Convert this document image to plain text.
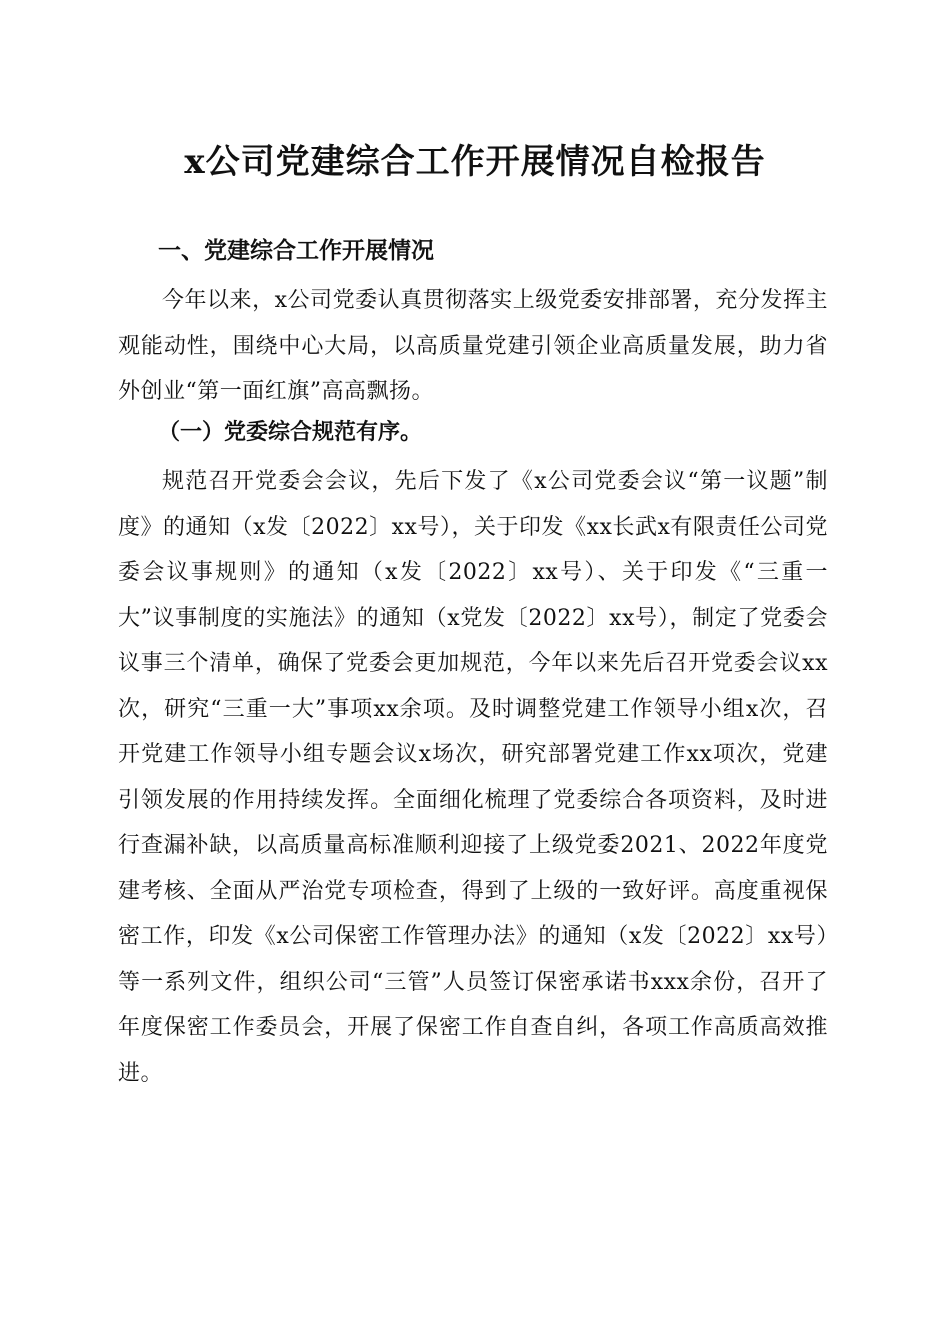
x公司党建综合工作开展情况自检报告
一、党建综合工作开展情况

今年以来，x公司党委认真贯彻落实上级党委安排部署，充分发挥主观能动性，围绕中心大局，以高质量党建引领企业高质量发展，助力省外创业“第一面红旗”高高飘扬。

（一）党委综合规范有序。

规范召开党委会会议，先后下发了《x公司党委会议“第一议题”制度》的通知（x发〔2022〕xx号），关于印发《xx长武x有限责任公司党委会议事规则》的通知（x发〔2022〕xx号）、关于印发《“三重一大”议事制度的实施法》的通知（x党发〔2022〕xx号），制定了党委会议事三个清单，确保了党委会更加规范，今年以来先后召开党委会议xx次，研究“三重一大”事项xx余项。及时调整党建工作领导小组x次，召开党建工作领导小组专题会议x场次，研究部署党建工作xx项次，党建引领发展的作用持续发挥。全面细化梳理了党委综合各项资料，及时进行查漏补缺，以高质量高标准顺利迎接了上级党委2021、2022年度党建考核、全面从严治党专项检查，得到了上级的一致好评。高度重视保密工作，印发《x公司保密工作管理办法》的通知（x发〔2022〕xx号）等一系列文件，组织公司“三管”人员签订保密承诺书xxx余份，召开了年度保密工作委员会，开展了保密工作自查自纠，各项工作高质高效推进。
